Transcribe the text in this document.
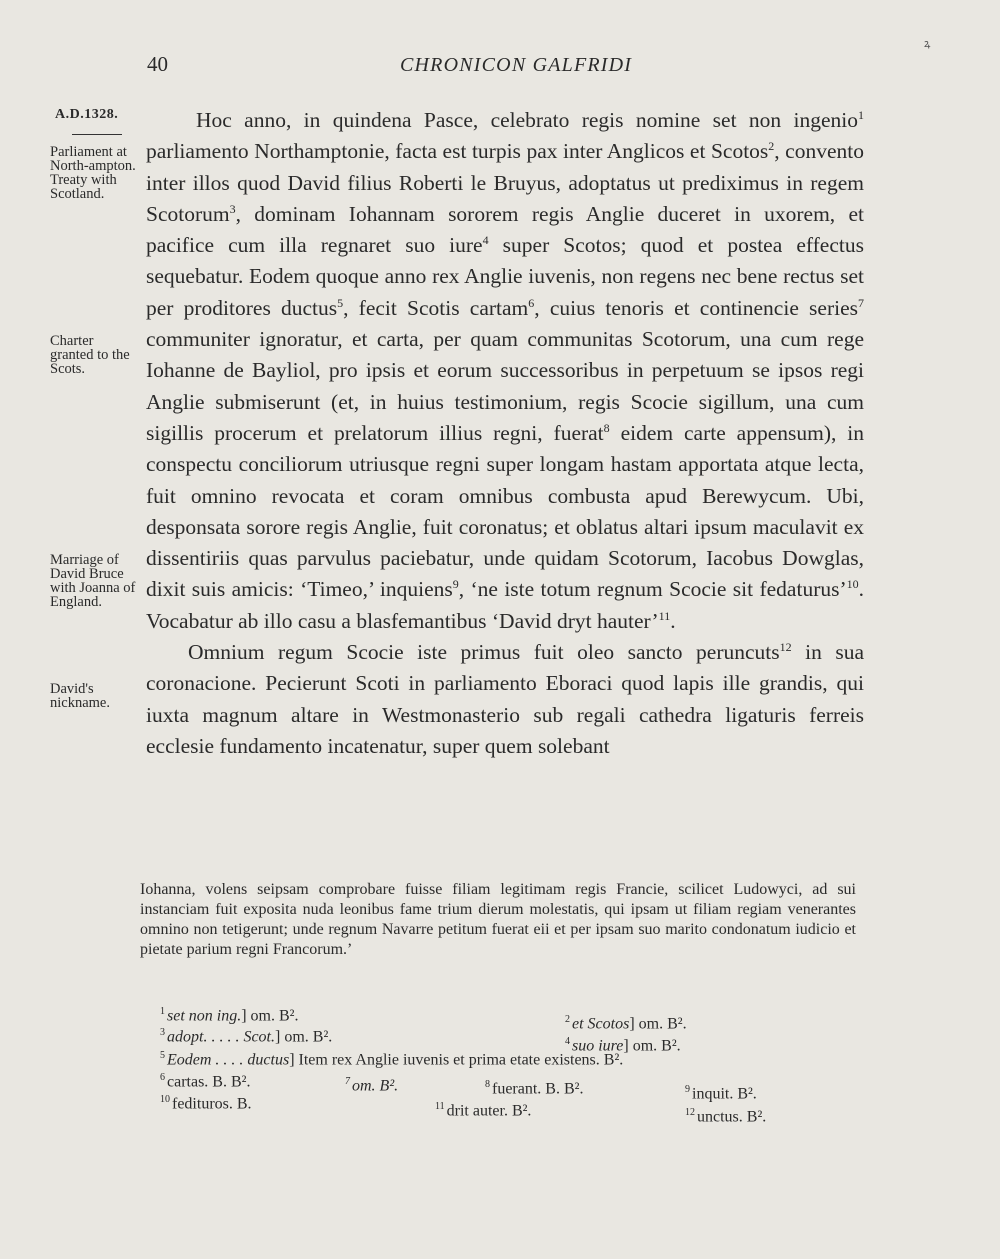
ꝝ
40	CHRONICON GALFRIDI
A.D.1328.
Parliament at North-ampton. Treaty with Scotland.
Charter granted to the Scots.
Marriage of David Bruce with Joanna of England.
David's nickname.

Hoc anno, in quindena Pasce, celebrato regis nomine set non ingenio$^1$ parliamento Northamptonie, facta est turpis pax inter Anglicos et Scotos$^2$, convento inter illos quod David filius Roberti le Bruyus, adoptatus ut prediximus in regem Scotorum$^3$, dominam Iohannam sororem regis Anglie duceret in uxorem, et pacifice cum illa regnaret suo iure$^4$ super Scotos; quod et postea effectus sequebatur. Eodem quoque anno rex Anglie iuvenis, non regens nec bene rectus set per proditores ductus$^5$, fecit Scotis cartam$^6$, cuius tenoris et continencie series$^7$ communiter ignoratur, et carta, per quam communitas Scotorum, una cum rege Iohanne de Bayliol, pro ipsis et eorum successoribus in perpetuum se ipsos regi Anglie submiserunt (et, in huius testimonium, regis Scocie sigillum, una cum sigillis procerum et prelatorum illius regni, fuerat$^8$ eidem carte appensum), in conspectu conciliorum utriusque regni super longam hastam apportata atque lecta, fuit omnino revocata et coram omnibus combusta apud Berewycum. Ubi, desponsata sorore regis Anglie, fuit coronatus; et oblatus altari ipsum maculavit ex dissentiriis quas parvulus paciebatur, unde quidam Scotorum, Iacobus Dowglas, dixit suis amicis: ‘Timeo,’ inquiens$^9$, ‘ne iste totum regnum Scocie sit fedaturus’$^{10}$. Vocabatur ab illo casu a blasfemantibus ‘David dryt hauter’$^{11}$.

Omnium regum Scocie iste primus fuit oleo sancto peruncuts$^{12}$ in sua coronacione. Pecierunt Scoti in parliamento Eboraci quod lapis ille grandis, qui iuxta magnum altare in Westmonasterio sub regali cathedra ligaturis ferreis ecclesie fundamento incatenatur, super quem solebant

Iohanna, volens seipsam comprobare fuisse filiam legitimam regis Francie, scilicet Ludowyci, ad sui instanciam fuit exposita nuda leonibus fame trium dierum molestatis, qui ipsam ut filiam regiam venerantes omnino non tetigerunt; unde regnum Navarre petitum fuerat eii et per ipsam suo marito condonatum iudicio et pietate parium regni Francorum.’
$^1$ set non ing.] om. B².	$^2$ et Scotos] om. B².
$^3$ adopt. . . . . Scot.] om. B².	$^4$ suo iure] om. B².
$^5$ Eodem . . . . ductus] Item rex Anglie iuvenis et prima etate existens. B².
$^6$ cartas. B. B².	$^7$ om. B².	$^8$ fuerant. B. B².	$^9$ inquit. B².
$^{10}$ fedituros. B.	$^{11}$ drit auter. B².	$^{12}$ unctus. B².
